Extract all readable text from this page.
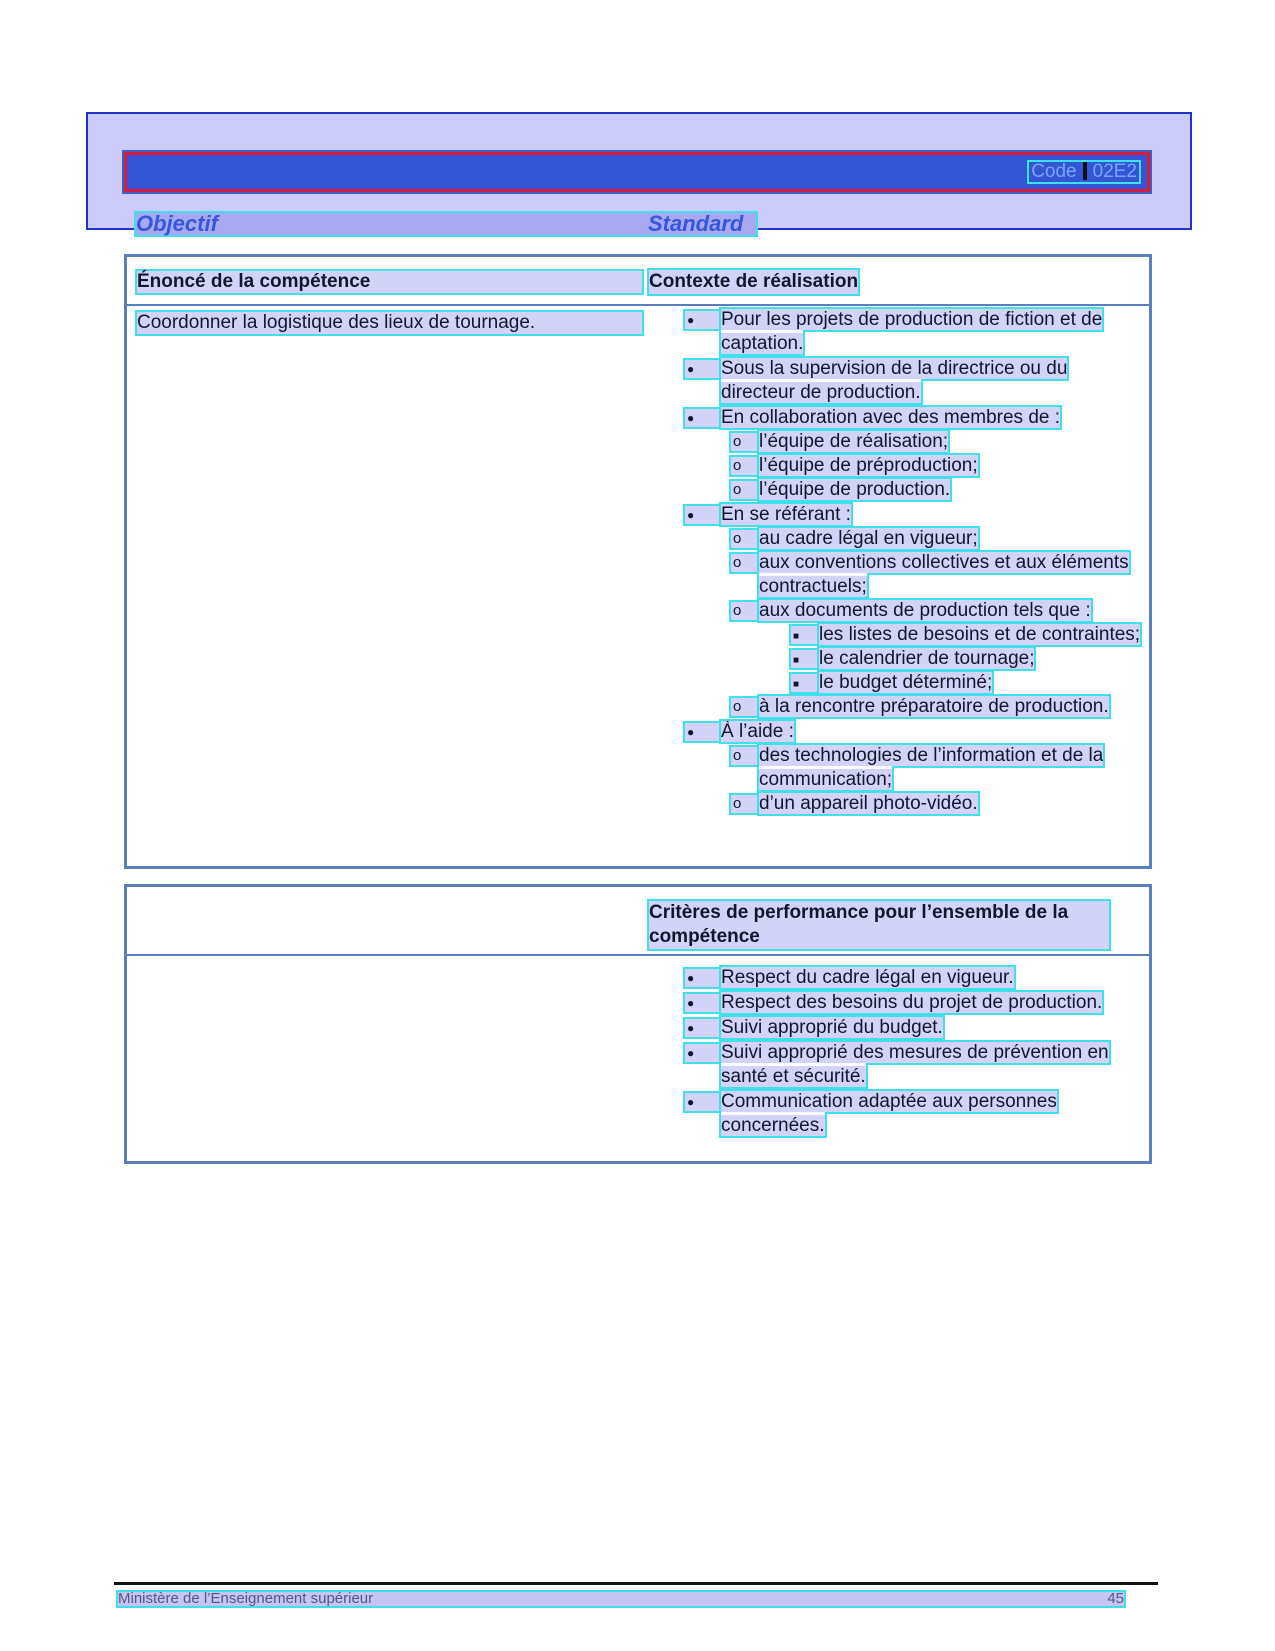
Code 02E2
Objectif	Standard
Énoncé de la compétence	Contexte de réalisation
Coordonner la logistique des lieux de tournage.	●	Pour les projets de production de fiction et de captation.
●	Sous la supervision de la directrice ou du directeur de production.
●	En collaboration avec des membres de :
o l’équipe de réalisation;
o l’équipe de préproduction;
o l’équipe de production.
●	En se référant :
o au cadre légal en vigueur;
o aux conventions collectives et aux éléments contractuels;
o aux documents de production tels que :
■	les listes de besoins et de contraintes;
■	le calendrier de tournage;
■	le budget déterminé;
o à la rencontre préparatoire de production.
●	À l’aide :
o des technologies de l’information et de la communication;
o d’un appareil photo-vidéo.
Critères de performance pour l’ensemble de la compétence
●	Respect du cadre légal en vigueur.
●	Respect des besoins du projet de production.
●	Suivi approprié du budget.
●	Suivi approprié des mesures de prévention en santé et sécurité.
●	Communication adaptée aux personnes concernées.
Ministère de l’Enseignement supérieur	45
